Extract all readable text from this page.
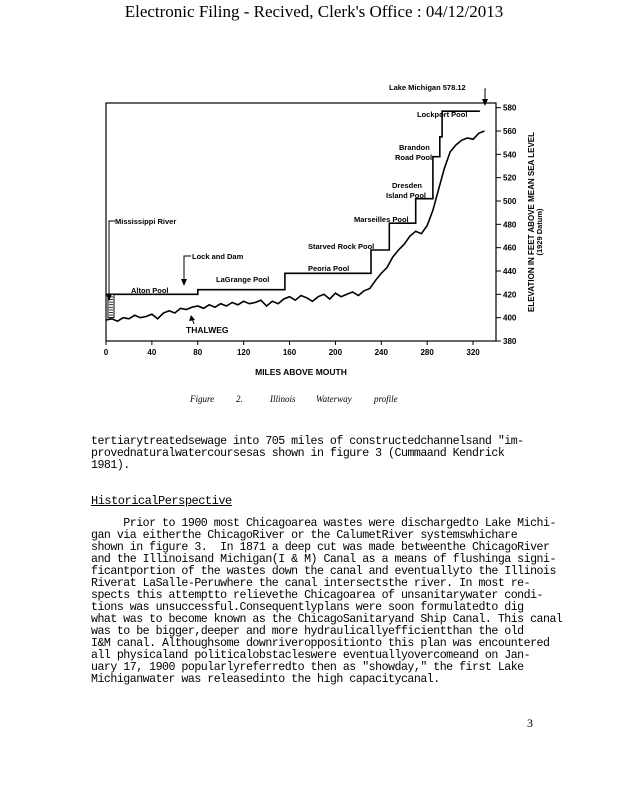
Electronic Filing - Recived, Clerk's Office : 04/12/2013
380
400
420
440
460
480
500
520
540
560
580
0	40	80	120	160	200	240	280	320
MILES ABOVE MOUTH
ELEVATION IN FEET ABOVE MEAN SEA LEVEL (1929 Datum)
Lake Michigan 578.12
Lockport Pool
Brandon
Road Pool
Dresden
Island Pool
Marseilles Pool
Starved Rock Pool
Peoria Pool
LaGrange Pool
Alton Pool
Lock and Dam
Mississippi River
THALWEG
Figure 2.	Illinois Waterway profile
tertiarytreatedsewage into 705 miles of constructedchannelsand "im-
provednaturalwatercoursesas shown in figure 3 (Cummaand Kendrick
1981).
HistoricalPerspective
Prior to 1900 most Chicagoarea wastes were dischargedto Lake Michi-
gan via eitherthe ChicagoRiver or the CalumetRiver systemswhichare
shown in figure 3.  In 1871 a deep cut was made betweenthe ChicagoRiver
and the Illinoisand Michigan(I & M) Canal as a means of flushinga signi-
ficantportion of the wastes down the canal and eventuallyto the Illinois
Riverat LaSalle-Peruwhere the canal intersectsthe river. In most re-
spects this attemptto relievethe Chicagoarea of unsanitarywater condi-
tions was unsuccessful.Consequentlyplans were soon formulatedto dig
what was to become known as the ChicagoSanitaryand Ship Canal. This canal
was to be bigger,deeper and more hydraulicallyefficientthan the old
I&M canal. Althoughsome downriveroppositionto this plan was encountered
all physicaland politicalobstacleswere eventuallyovercomeand on Jan-
uary 17, 1900 popularlyreferredto then as "showday," the first Lake
Michiganwater was releasedinto the high capacitycanal.
3
